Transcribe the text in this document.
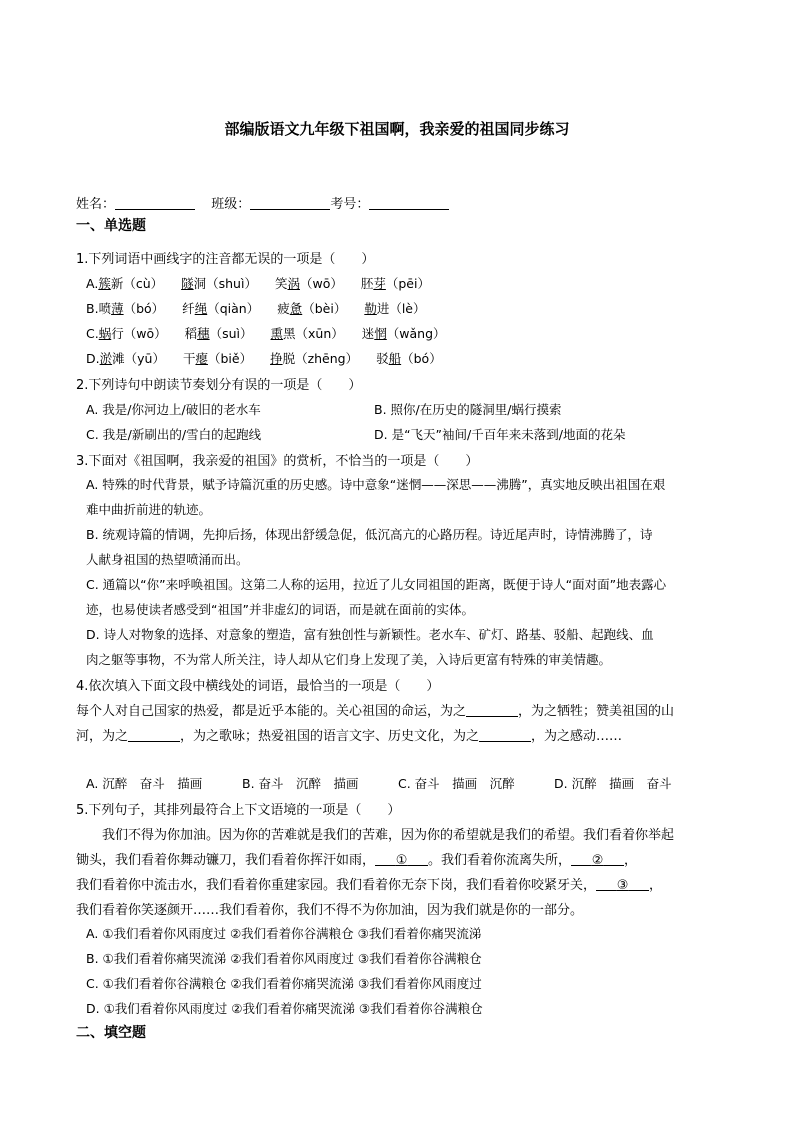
部编版语文九年级下祖国啊，我亲爱的祖国同步练习
姓名：	班级：	考号：
一、单选题
1.下列词语中画线字的注音都无误的一项是（　　）
A.簇新（cù） 隧洞（shuì） 笑涡（wō） 胚芽（pēi）
B.喷薄（bó） 纤绳（qiàn） 疲惫（bèi） 勒进（lè）
C.蜗行（wō） 稻穗（suì） 熏黑（xūn） 迷惘（wǎng）
D.淤滩（yū） 干瘪（biě） 挣脱（zhēng） 驳船（bó）
2.下列诗句中朗读节奏划分有误的一项是（　　）
A. 我是/你河边上/破旧的老水车	B. 照你/在历史的隧洞里/蜗行摸索
C. 我是/新刷出的/雪白的起跑线	D. 是“飞天”袖间/千百年来未落到/地面的花朵
3.下面对《祖国啊，我亲爱的祖国》的赏析，不恰当的一项是（　　）
A. 特殊的时代背景，赋予诗篇沉重的历史感。诗中意象“迷惘——深思——沸腾”，真实地反映出祖国在艰
难中曲折前进的轨迹。
B. 统观诗篇的情调，先抑后扬，体现出舒缓急促，低沉高亢的心路历程。诗近尾声时，诗情沸腾了，诗
人献身祖国的热望喷涌而出。
C. 通篇以“你”来呼唤祖国。这第二人称的运用，拉近了儿女同祖国的距离，既便于诗人“面对面”地表露心
迹，也易使读者感受到“祖国”并非虚幻的词语，而是就在面前的实体。
D. 诗人对物象的选择、对意象的塑造，富有独创性与新颖性。老水车、矿灯、路基、驳船、起跑线、血
肉之躯等事物，不为常人所关注，诗人却从它们身上发现了美，入诗后更富有特殊的审美情趣。
4.依次填入下面文段中横线处的词语，最恰当的一项是（　　）
每个人对自己国家的热爱，都是近乎本能的。关心祖国的命运，为之	，为之牺牲；赞美祖国的山
河，为之	，为之歌咏；热爱祖国的语言文字、历史文化，为之	，为之感动……
A. 沉醉　奋斗　描画	B. 奋斗　沉醉　描画	C. 奋斗　描画　沉醉	D. 沉醉　描画　奋斗
5.下列句子，其排列最符合上下文语境的一项是（　　）
我们不得为你加油。因为你的苦难就是我们的苦难，因为你的希望就是我们的希望。我们看着你举起
锄头，我们看着你舞动镰刀，我们看着你挥汗如雨， ① 。我们看着你流离失所， ② ，
我们看着你中流击水，我们看着你重建家园。我们看着你无奈下岗，我们看着你咬紧牙关， ③ ，
我们看着你笑逐颜开……我们看着你，我们不得不为你加油，因为我们就是你的一部分。
A. ①我们看着你风雨度过 ②我们看着你谷满粮仓 ③我们看着你痛哭流涕
B. ①我们看着你痛哭流涕 ②我们看着你风雨度过 ③我们看着你谷满粮仓
C. ①我们看着你谷满粮仓 ②我们看着你痛哭流涕 ③我们看着你风雨度过
D. ①我们看着你风雨度过 ②我们看着你痛哭流涕 ③我们看着你谷满粮仓
二、填空题
